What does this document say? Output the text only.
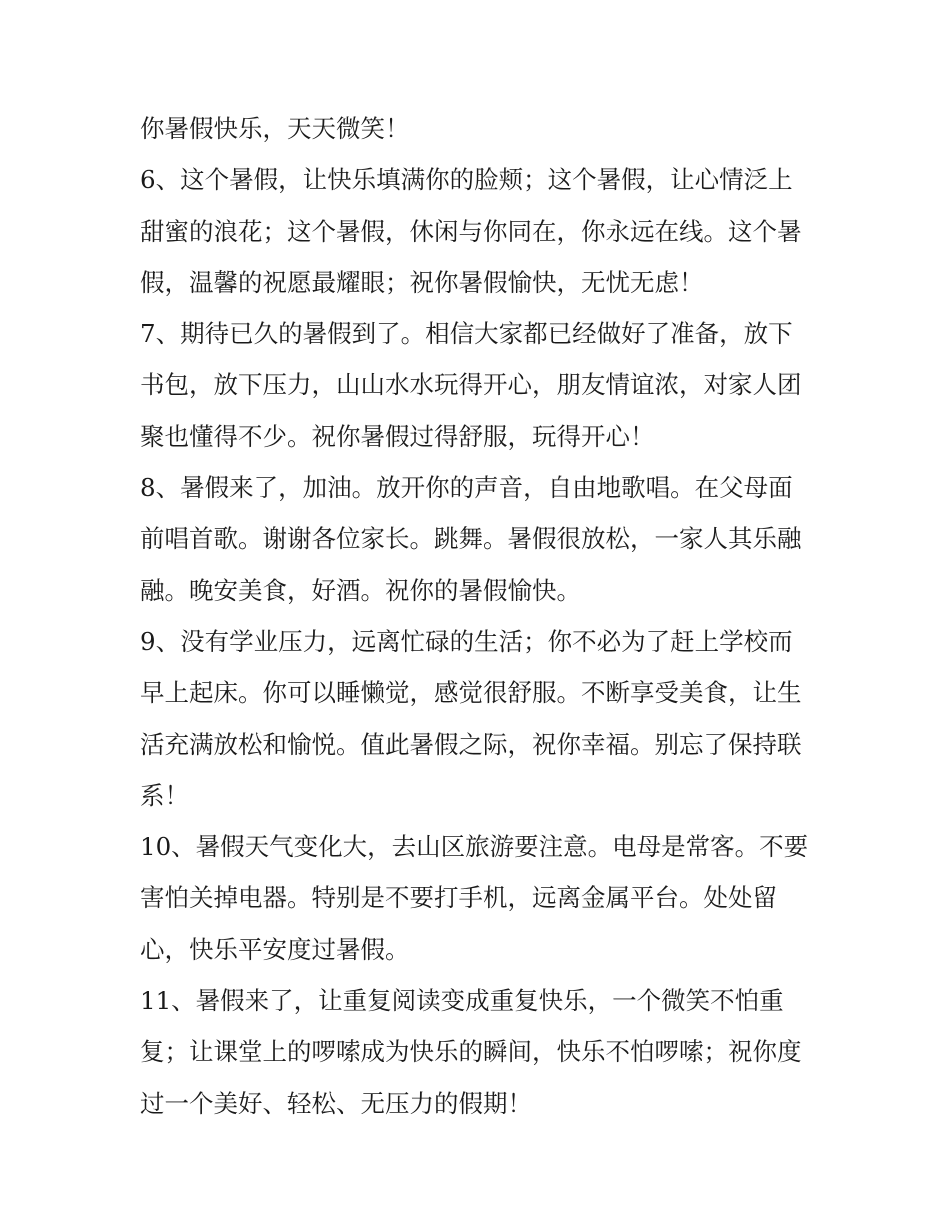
你暑假快乐，天天微笑！
6、这个暑假，让快乐填满你的脸颊；这个暑假，让心情泛上
甜蜜的浪花；这个暑假，休闲与你同在，你永远在线。这个暑
假，温馨的祝愿最耀眼；祝你暑假愉快，无忧无虑！
7、期待已久的暑假到了。相信大家都已经做好了准备，放下
书包，放下压力，山山水水玩得开心，朋友情谊浓，对家人团
聚也懂得不少。祝你暑假过得舒服，玩得开心！
8、暑假来了，加油。放开你的声音，自由地歌唱。在父母面
前唱首歌。谢谢各位家长。跳舞。暑假很放松，一家人其乐融
融。晚安美食，好酒。祝你的暑假愉快。
9、没有学业压力，远离忙碌的生活；你不必为了赶上学校而
早上起床。你可以睡懒觉，感觉很舒服。不断享受美食，让生
活充满放松和愉悦。值此暑假之际，祝你幸福。别忘了保持联
系！
10、暑假天气变化大，去山区旅游要注意。电母是常客。不要
害怕关掉电器。特别是不要打手机，远离金属平台。处处留
心，快乐平安度过暑假。
11、暑假来了，让重复阅读变成重复快乐，一个微笑不怕重
复；让课堂上的啰嗦成为快乐的瞬间，快乐不怕啰嗦；祝你度
过一个美好、轻松、无压力的假期！
